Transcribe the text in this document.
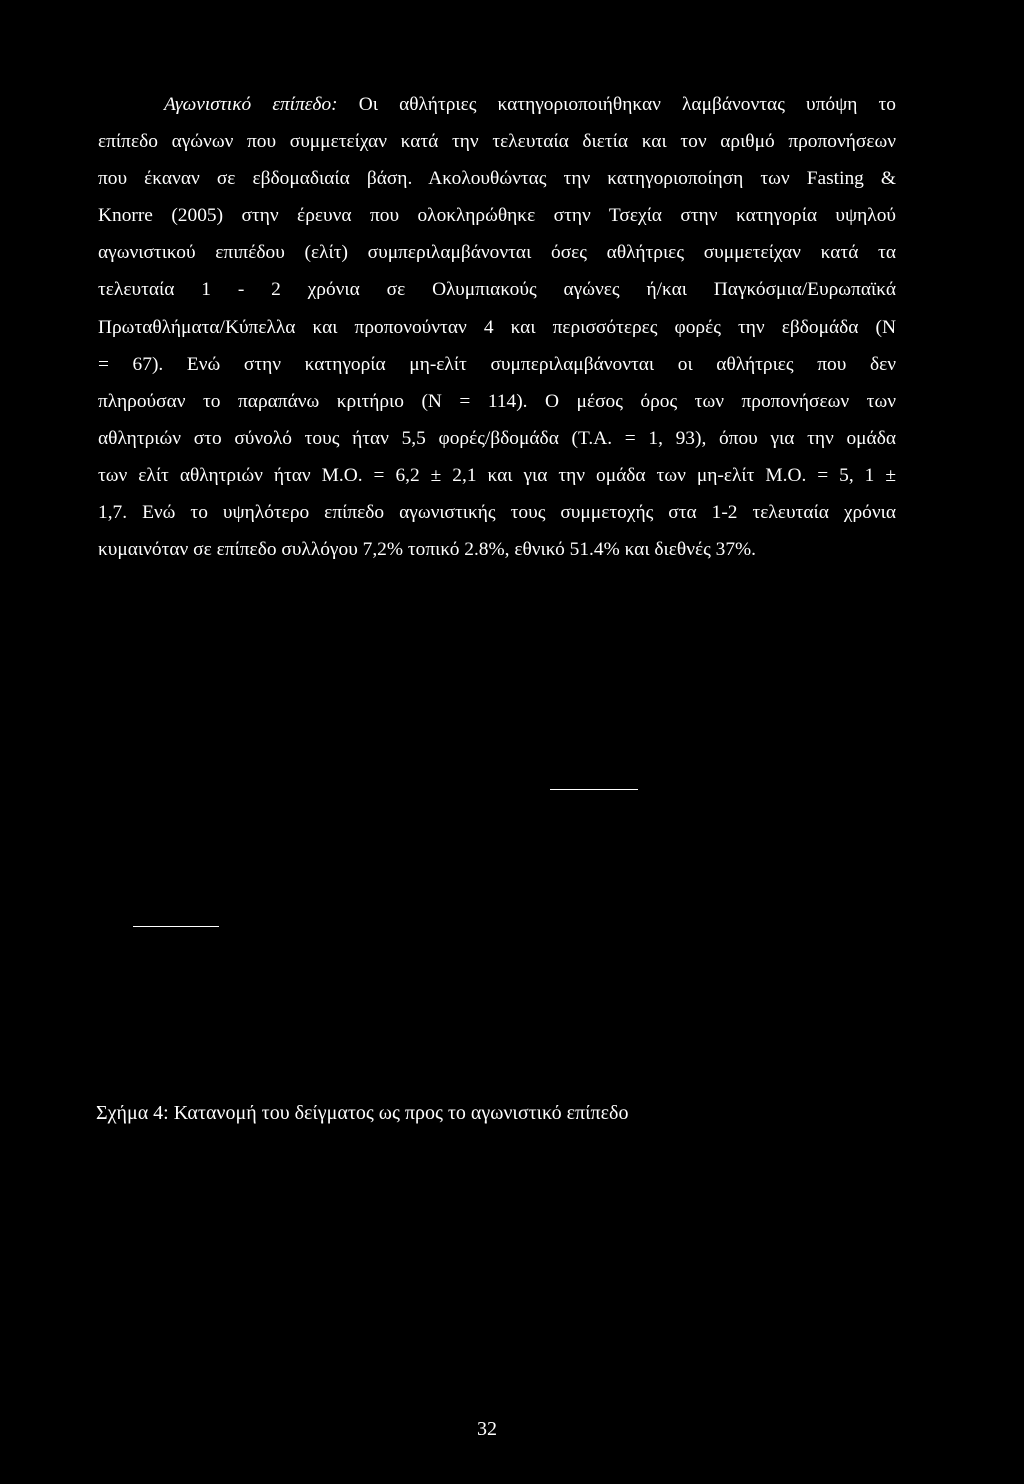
Αγωνιστικό επίπεδο: Οι αθλήτριες κατηγοριοποιήθηκαν λαμβάνοντας υπόψη το
επίπεδο αγώνων που συμμετείχαν κατά την τελευταία διετία και τον αριθμό προπονήσεων
που έκαναν σε εβδομαδιαία βάση. Ακολουθώντας την κατηγοριοποίηση των Fasting &
Knorre (2005) στην έρευνα που ολοκληρώθηκε στην Τσεχία στην κατηγορία υψηλού
αγωνιστικού επιπέδου (ελίτ) συμπεριλαμβάνονται όσες αθλήτριες συμμετείχαν κατά τα
τελευταία 1 - 2 χρόνια σε Ολυμπιακούς αγώνες ή/και Παγκόσμια/Ευρωπαϊκά
Πρωταθλήματα/Κύπελλα και προπονούνταν 4 και περισσότερες φορές την εβδομάδα (Ν
= 67). Ενώ στην κατηγορία μη-ελίτ συμπεριλαμβάνονται οι αθλήτριες που δεν
πληρούσαν το παραπάνω κριτήριο (Ν = 114). Ο μέσος όρος των προπονήσεων των
αθλητριών στο σύνολό τους ήταν 5,5 φορές/βδομάδα (Τ.Α. = 1, 93), όπου για την ομάδα
των ελίτ αθλητριών ήταν Μ.Ο. = 6,2 ± 2,1 και για την ομάδα των μη-ελίτ Μ.Ο. = 5, 1 ±
1,7. Ενώ το υψηλότερο επίπεδο αγωνιστικής τους συμμετοχής στα 1-2 τελευταία χρόνια
κυμαινόταν σε επίπεδο συλλόγου 7,2% τοπικό 2.8%, εθνικό 51.4% και διεθνές 37%.

Σχήμα 4: Κατανομή του δείγματος ως προς το αγωνιστικό επίπεδο

32
